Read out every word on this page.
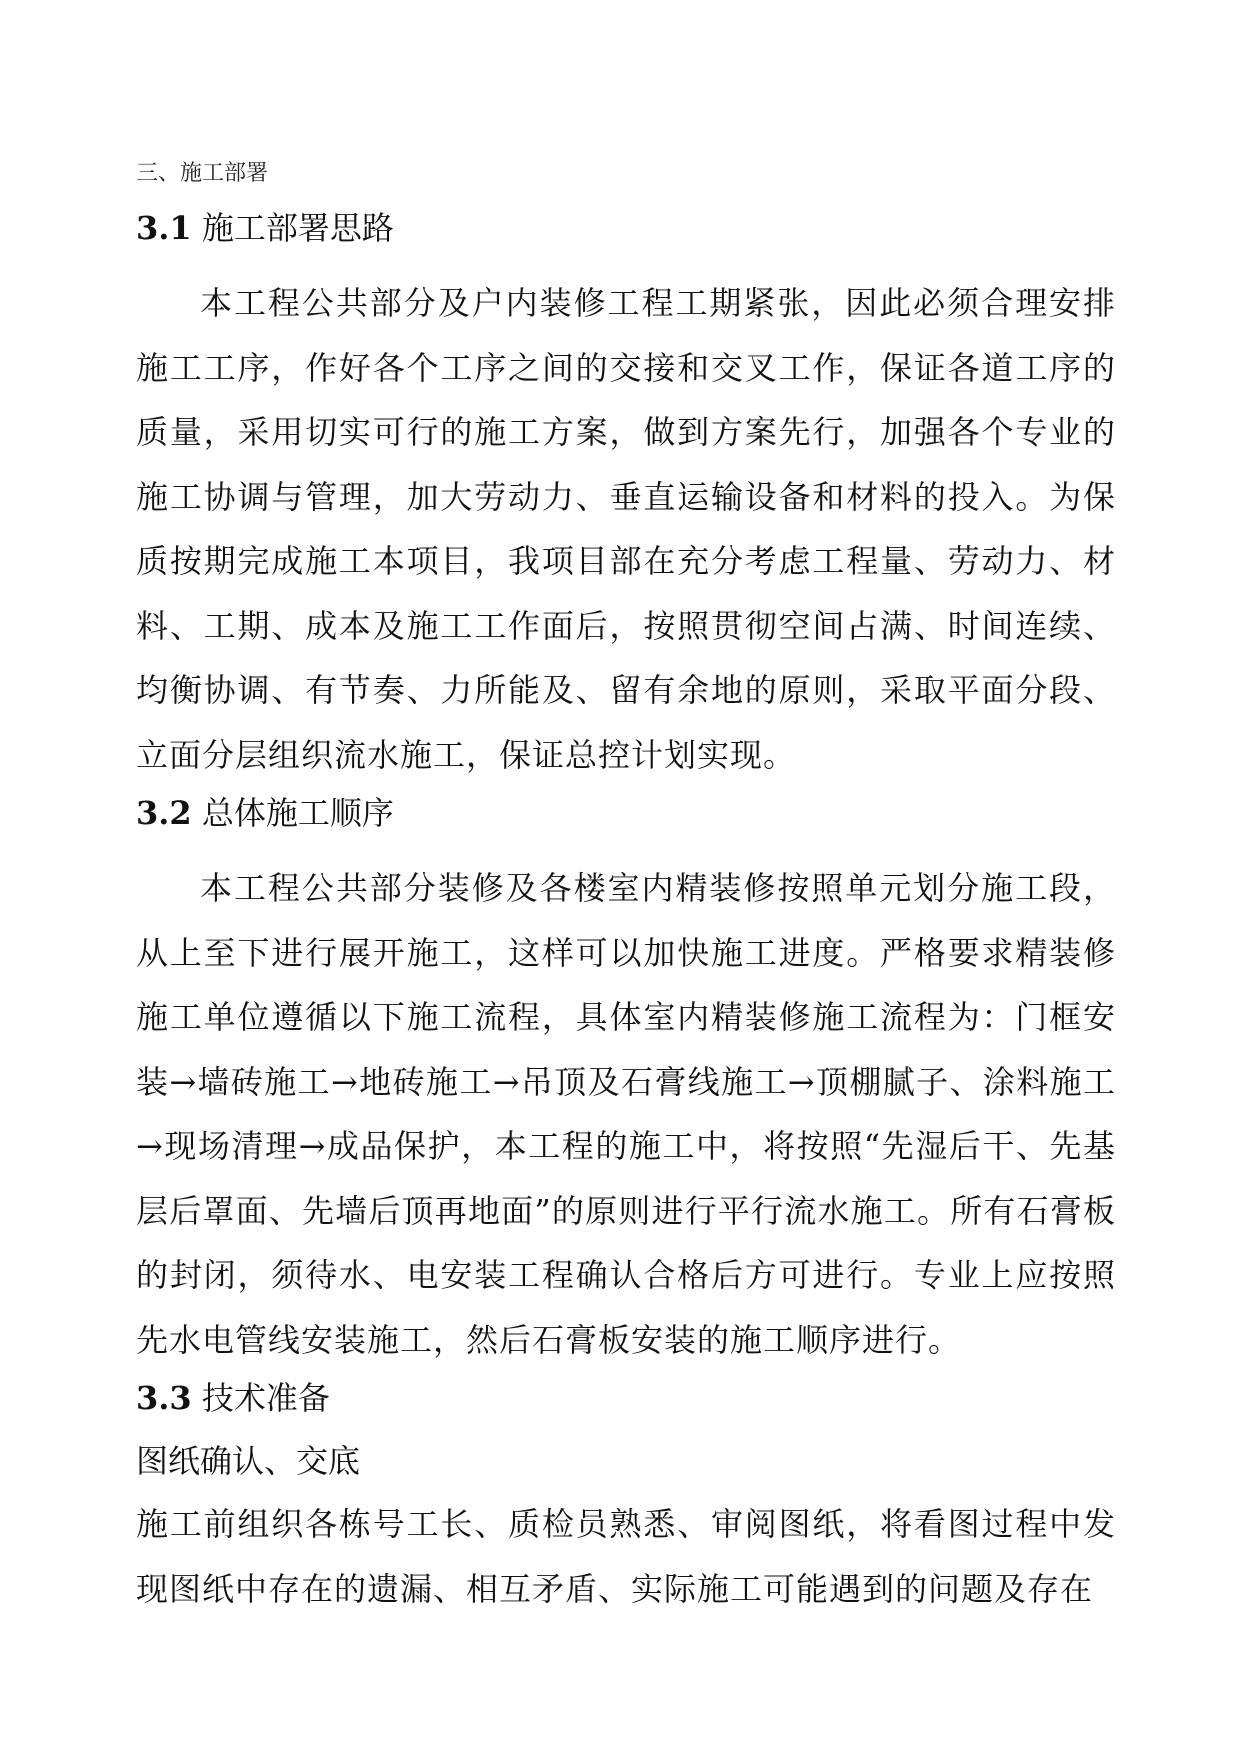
三、施工部署
3.1 施工部署思路

本工程公共部分及户内装修工程工期紧张，因此必须合理安排施工工序，作好各个工序之间的交接和交叉工作，保证各道工序的质量，采用切实可行的施工方案，做到方案先行，加强各个专业的施工协调与管理，加大劳动力、垂直运输设备和材料的投入。为保质按期完成施工本项目，我项目部在充分考虑工程量、劳动力、材料、工期、成本及施工工作面后，按照贯彻空间占满、时间连续、均衡协调、有节奏、力所能及、留有余地的原则，采取平面分段、立面分层组织流水施工，保证总控计划实现。

3.2 总体施工顺序

本工程公共部分装修及各楼室内精装修按照单元划分施工段，从上至下进行展开施工，这样可以加快施工进度。严格要求精装修施工单位遵循以下施工流程，具体室内精装修施工流程为：门框安装→墙砖施工→地砖施工→吊顶及石膏线施工→顶棚腻子、涂料施工→现场清理→成品保护，本工程的施工中，将按照“先湿后干、先基层后罩面、先墙后顶再地面”的原则进行平行流水施工。所有石膏板的封闭，须待水、电安装工程确认合格后方可进行。专业上应按照先水电管线安装施工，然后石膏板安装的施工顺序进行。

3.3 技术准备
图纸确认、交底

施工前组织各栋号工长、质检员熟悉、审阅图纸，将看图过程中发现图纸中存在的遗漏、相互矛盾、实际施工可能遇到的问题及存在
